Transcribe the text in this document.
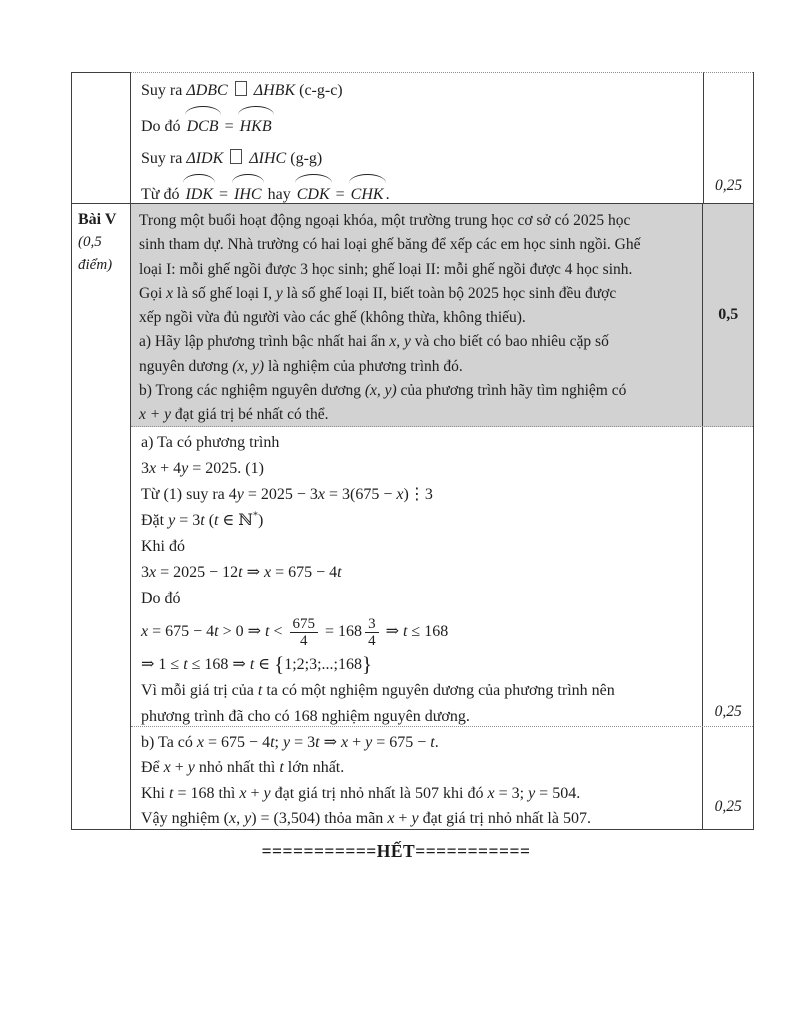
Suy ra ΔDBC ΔHBK (c-g-c)
Do đó DCB = HKB
Suy ra ΔIDK ΔIHC (g-g)
Từ đó IDK = IHC hay CDK = CHK .
0,25
Bài V
(0,5
điểm)
Trong một buổi hoạt động ngoại khóa, một trường trung học cơ sở có 2025 học
sinh tham dự. Nhà trường có hai loại ghế băng để xếp các em học sinh ngồi. Ghế
loại I: mỗi ghế ngồi được 3 học sinh; ghế loại II: mỗi ghế ngồi được 4 học sinh.
Gọi x là số ghế loại I, y là số ghế loại II, biết toàn bộ 2025 học sinh đều được
xếp ngồi vừa đủ người vào các ghế (không thừa, không thiếu).
a) Hãy lập phương trình bậc nhất hai ẩn x, y và cho biết có bao nhiêu cặp số
nguyên dương (x, y) là nghiệm của phương trình đó.
b) Trong các nghiệm nguyên dương (x, y) của phương trình hãy tìm nghiệm có
x + y đạt giá trị bé nhất có thể.
0,5
a) Ta có phương trình
3x + 4y = 2025. (1)
Từ (1) suy ra 4y = 2025 − 3x = 3(675 − x)⋮3
Đặt y = 3t (t ∈ ℕ*)
Khi đó
3x = 2025 − 12t ⇒ x = 675 − 4t
Do đó
x = 675 − 4t > 0 ⇒ $t < \frac{675}{4} = 168 \frac{3}{4}$ ⇒ t ≤ 168
⇒ 1 ≤ t ≤ 168 ⇒ t ∈ {1;2;3;...;168}
Vì mỗi giá trị của t ta có một nghiệm nguyên dương của phương trình nên
phương trình đã cho có 168 nghiệm nguyên dương.	0,25
b) Ta có x = 675 − 4t; y = 3t ⇒ x + y = 675 − t.
Để x + y nhỏ nhất thì t lớn nhất.
Khi t = 168 thì x + y đạt giá trị nhỏ nhất là 507 khi đó x = 3; y = 504.
Vậy nghiệm (x, y) = (3,504) thỏa mãn x + y đạt giá trị nhỏ nhất là 507.
0,25
===========HẾT===========
